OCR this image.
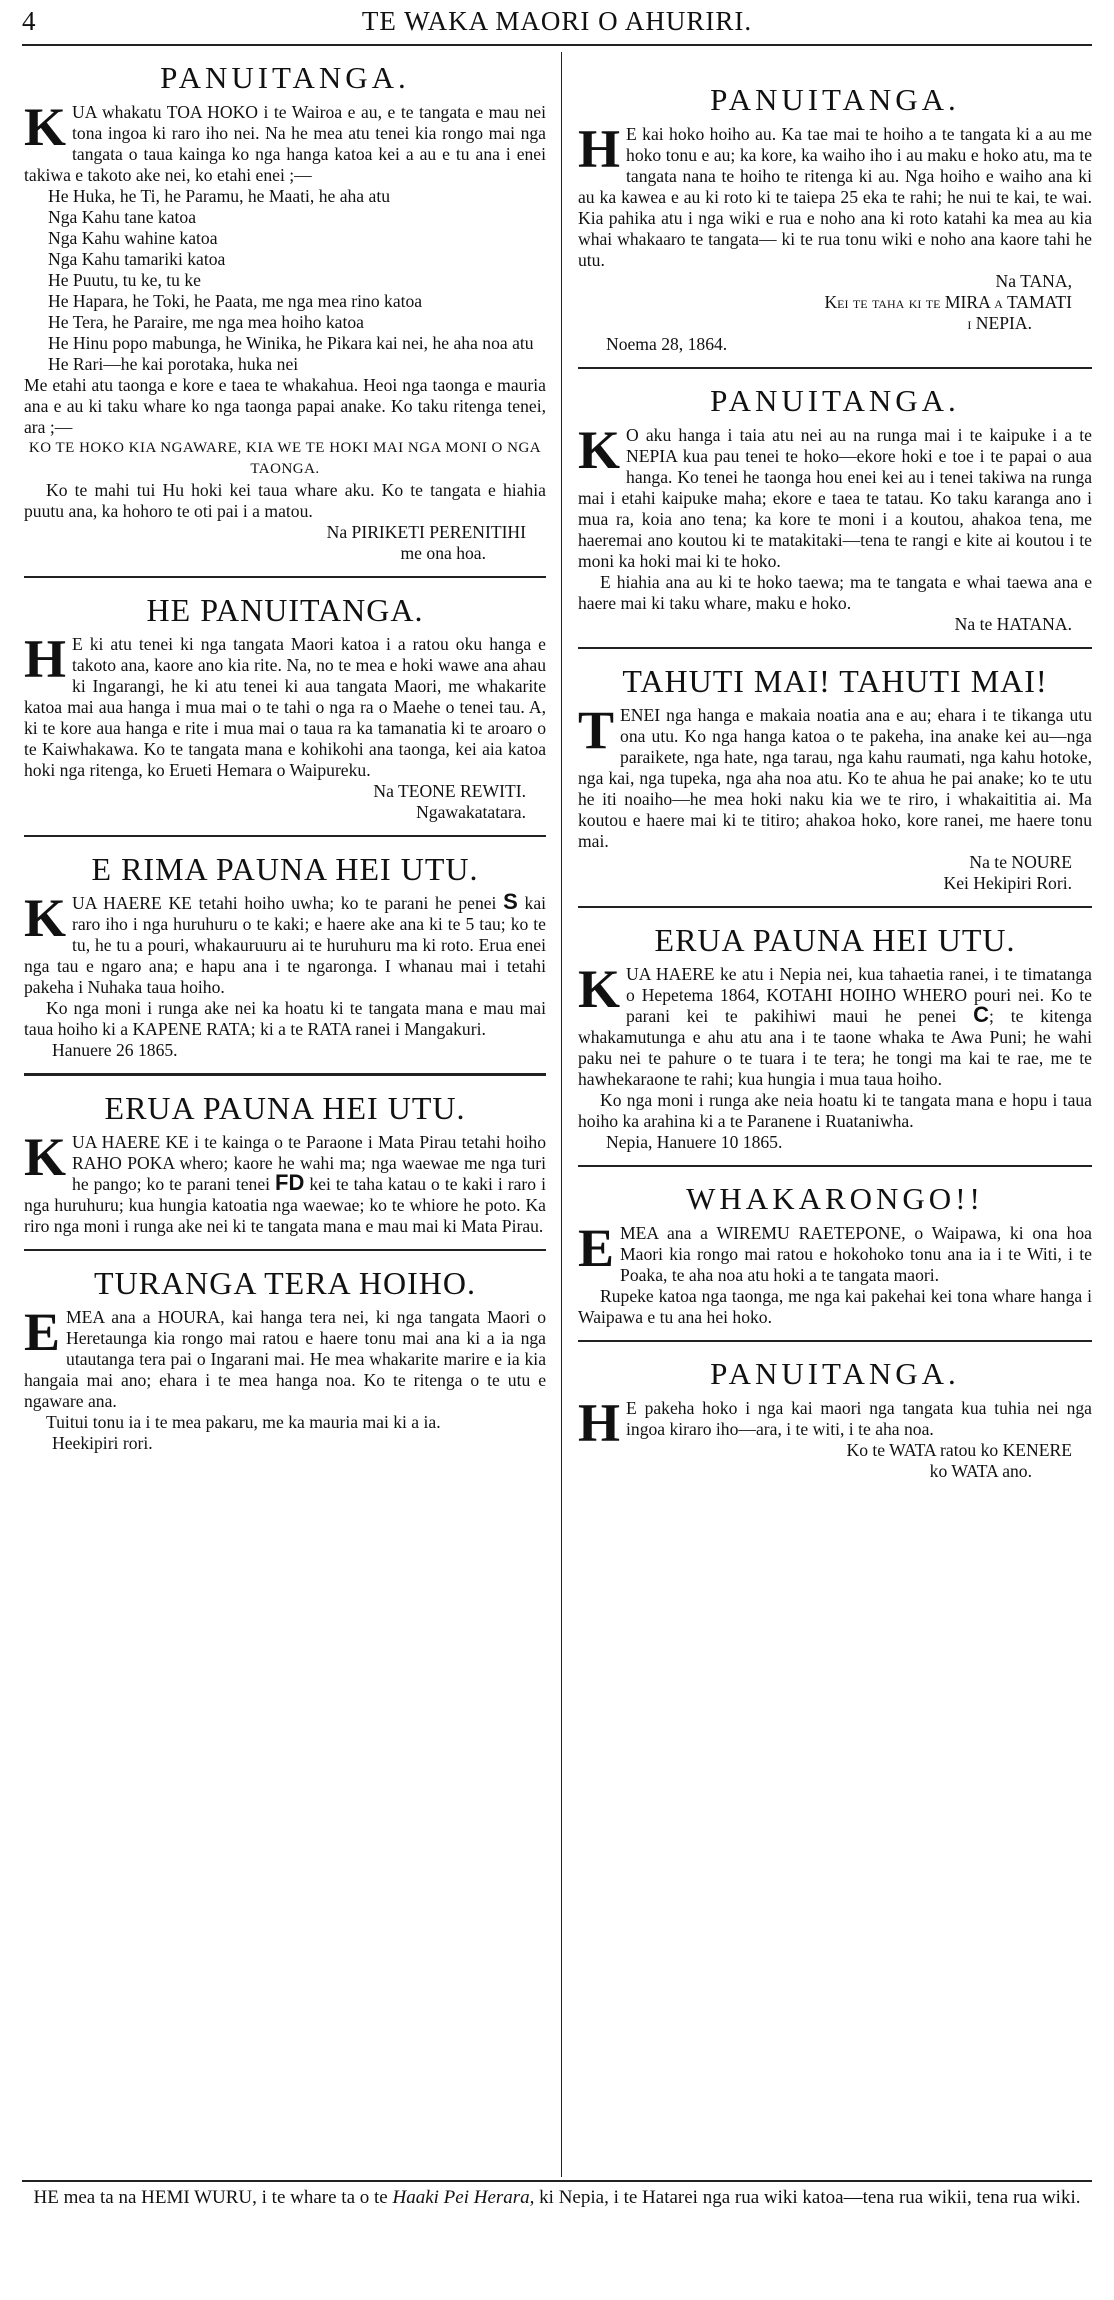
4	TE WAKA MAORI O AHURIRI.
PANUITANGA.

KUA whakatu TOA HOKO i te Wairoa e au, e te tangata e mau nei tona ingoa ki raro iho nei. Na he mea atu tenei kia rongo mai nga tangata o taua kainga ko nga hanga katoa kei a au e tu ana i enei takiwa e takoto ake nei, ko etahi enei ;—

He Huka, he Ti, he Paramu, he Maati, he aha atu
Nga Kahu tane katoa
Nga Kahu wahine katoa
Nga Kahu tamariki katoa
He Puutu, tu ke, tu ke
He Hapara, he Toki, he Paata, me nga mea rino katoa
He Tera, he Paraire, me nga mea hoiho katoa
He Hinu popo mabunga, he Winika, he Pikara kai nei, he aha noa atu
He Rari—he kai porotaka, huka nei

Me etahi atu taonga e kore e taea te whakahua. Heoi nga taonga e mauria ana e au ki taku whare ko nga taonga papai anake. Ko taku ritenga tenei, ara ;—

KO TE HOKO KIA NGAWARE, KIA WE TE HOKI MAI NGA MONI O NGA TAONGA.

Ko te mahi tui Hu hoki kei taua whare aku. Ko te tangata e hiahia puutu ana, ka hohoro te oti pai i a matou.

Na PIRIKETI PERENITIHI

me ona hoa.

HE PANUITANGA.

H E ki atu tenei ki nga tangata Maori katoa i a ratou oku hanga e takoto ana, kaore ano kia rite. Na, no te mea e hoki wawe ana ahau ki Ingarangi, he ki atu tenei ki aua tangata Maori, me whakarite katoa mai aua hanga i mua mai o te tahi o nga ra o Maehe o tenei tau. A, ki te kore aua hanga e rite i mua mai o taua ra ka tamanatia ki te aroaro o te Kaiwhakawa. Ko te tangata mana e kohikohi ana taonga, kei aia katoa hoki nga ritenga, ko Erueti Hemara o Waipureku.

Na TEONE REWITI.

Ngawakatatara.

E RIMA PAUNA HEI UTU.

KUA HAERE KE tetahi hoiho uwha; ko te parani he penei S kai raro iho i nga huruhuru o te kaki; e haere ake ana ki te 5 tau; ko te tu, he tu a pouri, whakauruuru ai te huruhuru ma ki roto. Erua enei nga tau e ngaro ana; e hapu ana i te ngaronga. I whanau mai i tetahi pakeha i Nuhaka taua hoiho.

Ko nga moni i runga ake nei ka hoatu ki te tangata mana e mau mai taua hoiho ki a KAPENE RATA; ki a te RATA ranei i Mangakuri.

Hanuere 26 1865.

ERUA PAUNA HEI UTU.

KUA HAERE KE i te kainga o te Paraone i Mata Pirau tetahi hoiho RAHO POKA whero; kaore he wahi ma; nga waewae me nga turi he pango; ko te parani tenei FD kei te taha katau o te kaki i raro i nga huruhuru; kua hungia katoatia nga waewae; ko te whiore he poto. Ka riro nga moni i runga ake nei ki te tangata mana e mau mai ki Mata Pirau.

TURANGA TERA HOIHO.

EMEA ana a HOURA, kai hanga tera nei, ki nga tangata Maori o Heretaunga kia rongo mai ratou e haere tonu mai ana ki a ia nga utautanga tera pai o Ingarani mai. He mea whakarite marire e ia kia hangaia mai ano; ehara i te mea hanga noa. Ko te ritenga o te utu e ngaware ana.

Tuitui tonu ia i te mea pakaru, me ka mauria mai ki a ia.

Heekipiri rori.

PANUITANGA.

H E kai hoko hoiho au. Ka tae mai te hoiho a te tangata ki a au me hoko tonu e au; ka kore, ka waiho iho i au maku e hoko atu, ma te tangata nana te hoiho te ritenga ki au. Nga hoiho e waiho ana ki au ka kawea e au ki roto ki te taiepa 25 eka te rahi; he nui te kai, te wai. Kia pahika atu i nga wiki e rua e noho ana ki roto katahi ka mea au kia whai whakaaro te tangata— ki te rua tonu wiki e noho ana kaore tahi he utu.

Na TANA,

Kei te taha ki te MIRA a TAMATI

i NEPIA.

Noema 28, 1864.

PANUITANGA.

K O aku hanga i taia atu nei au na runga mai i te kaipuke i a te NEPIA kua pau tenei te hoko—ekore hoki e toe i te papai o aua hanga. Ko tenei he taonga hou enei kei au i tenei takiwa na runga mai i etahi kaipuke maha; ekore e taea te tatau. Ko taku karanga ano i mua ra, koia ano tena; ka kore te moni i a koutou, ahakoa tena, me haeremai ano koutou ki te matakitaki—tena te rangi e kite ai koutou i te moni ka hoki mai ki te hoko.

E hiahia ana au ki te hoko taewa; ma te tangata e whai taewa ana e haere mai ki taku whare, maku e hoko.

Na te HATANA.

TAHUTI MAI! TAHUTI MAI!

TENEI nga hanga e makaia noatia ana e au; ehara i te tikanga utu ona utu. Ko nga hanga katoa o te pakeha, ina anake kei au—nga paraikete, nga hate, nga tarau, nga kahu raumati, nga kahu hotoke, nga kai, nga tupeka, nga aha noa atu. Ko te ahua he pai anake; ko te utu he iti noaiho—he mea hoki naku kia we te riro, i whakaititia ai. Ma koutou e haere mai ki te titiro; ahakoa hoko, kore ranei, me haere tonu mai.

Na te NOURE

Kei Hekipiri Rori.

ERUA PAUNA HEI UTU.

KUA HAERE ke atu i Nepia nei, kua tahaetia ranei, i te timatanga o Hepetema 1864, KOTAHI HOIHO WHERO pouri nei. Ko te parani kei te pakihiwi maui he penei C; te kitenga whakamutunga e ahu atu ana i te taone whaka te Awa Puni; he wahi paku nei te pahure o te tuara i te tera; he tongi ma kai te rae, me te hawhekaraone te rahi; kua hungia i mua taua hoiho.

Ko nga moni i runga ake neia hoatu ki te tangata mana e hopu i taua hoiho ka arahina ki a te Paranene i Ruataniwha.

Nepia, Hanuere 10 1865.

WHAKARONGO!!

EMEA ana a WIREMU RAETEPONE, o Waipawa, ki ona hoa Maori kia rongo mai ratou e hokohoko tonu ana ia i te Witi, i te Poaka, te aha noa atu hoki a te tangata maori.

Rupeke katoa nga taonga, me nga kai pakehai kei tona whare hanga i Waipawa e tu ana hei hoko.

PANUITANGA.

H E pakeha hoko i nga kai maori nga tangata kua tuhia nei nga ingoa kiraro iho—ara, i te witi, i te aha noa.

Ko te WATA ratou ko KENERE

ko WATA ano.

HE mea ta na HEMI WURU, i te whare ta o te Haaki Pei Herara, ki Nepia, i te Hatarei nga rua wiki katoa—tena rua wikii, tena rua wiki.
